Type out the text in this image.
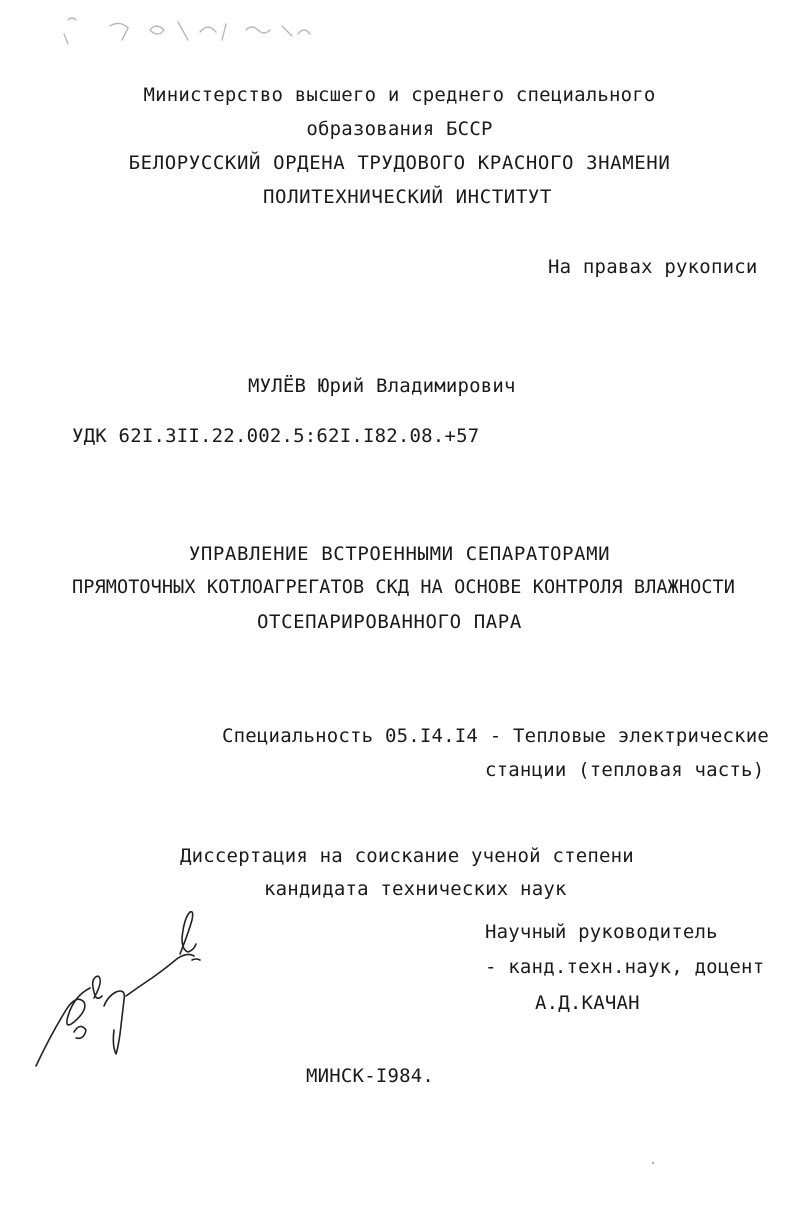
Министерство высшего и среднего специального
образования БССР
БЕЛОРУССКИЙ ОРДЕНА ТРУДОВОГО КРАСНОГО ЗНАМЕНИ
ПОЛИТЕХНИЧЕСКИЙ ИНСТИТУТ
На правах рукописи
МУЛЁВ Юрий Владимирович
УДК 62I.3II.22.002.5:62I.I82.08.+57
УПРАВЛЕНИЕ ВСТРОЕННЫМИ СЕПАРАТОРАМИ
ПРЯМОТОЧНЫХ КОТЛОАГРЕГАТОВ СКД НА ОСНОВЕ КОНТРОЛЯ ВЛАЖНОСТИ
ОТСЕПАРИРОВАННОГО ПАРА
Специальность 05.I4.I4 - Тепловые электрические
станции (тепловая часть)
Диссертация на соискание ученой степени
кандидата технических наук
Научный руководитель
- канд.техн.наук, доцент
А.Д.КАЧАН
МИНСК-I984.
